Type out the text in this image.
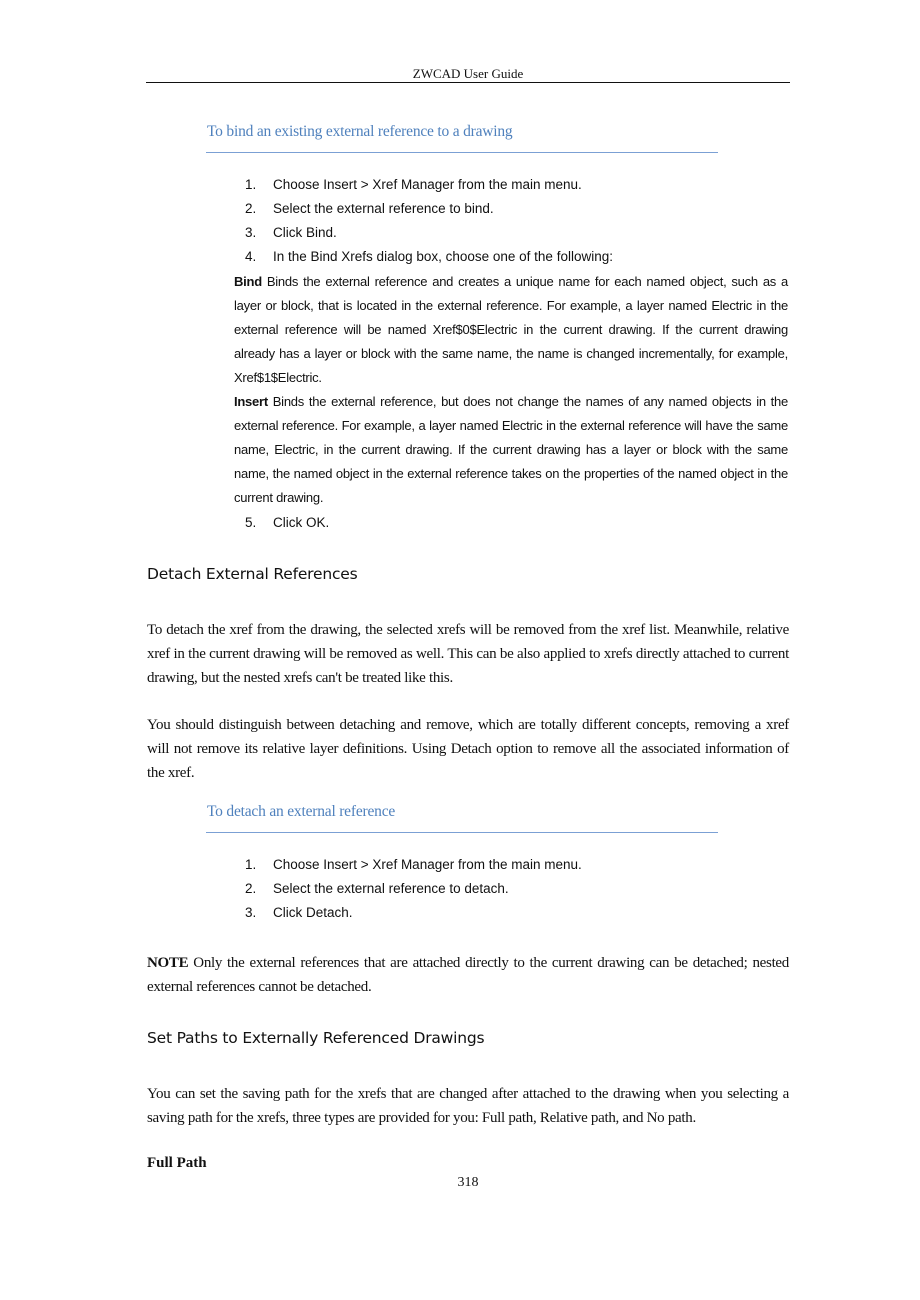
ZWCAD User Guide
To bind an existing external reference to a drawing
1. Choose Insert > Xref Manager from the main menu.
2. Select the external reference to bind.
3. Click Bind.
4. In the Bind Xrefs dialog box, choose one of the following:
Bind Binds the external reference and creates a unique name for each named object, such as a layer or block, that is located in the external reference. For example, a layer named Electric in the external reference will be named Xref$0$Electric in the current drawing. If the current drawing already has a layer or block with the same name, the name is changed incrementally, for example, Xref$1$Electric.
Insert Binds the external reference, but does not change the names of any named objects in the external reference. For example, a layer named Electric in the external reference will have the same name, Electric, in the current drawing. If the current drawing has a layer or block with the same name, the named object in the external reference takes on the properties of the named object in the current drawing.
5. Click OK.
Detach External References
To detach the xref from the drawing, the selected xrefs will be removed from the xref list. Meanwhile, relative xref in the current drawing will be removed as well. This can be also applied to xrefs directly attached to current drawing, but the nested xrefs can't be treated like this.
You should distinguish between detaching and remove, which are totally different concepts, removing a xref will not remove its relative layer definitions. Using Detach option to remove all the associated information of the xref.
To detach an external reference
1. Choose Insert > Xref Manager from the main menu.
2. Select the external reference to detach.
3. Click Detach.
NOTE Only the external references that are attached directly to the current drawing can be detached; nested external references cannot be detached.
Set Paths to Externally Referenced Drawings
You can set the saving path for the xrefs that are changed after attached to the drawing when you selecting a saving path for the xrefs, three types are provided for you: Full path, Relative path, and No path.
Full Path
318
